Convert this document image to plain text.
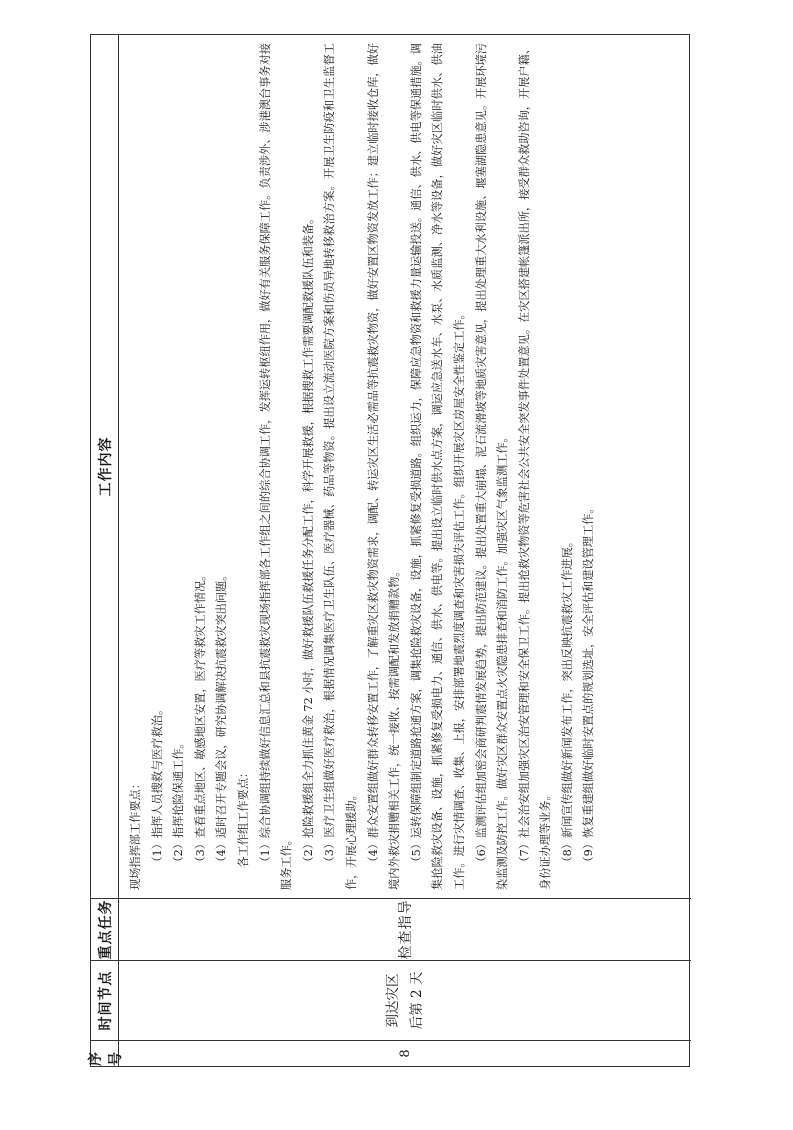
序号
时间节点
重点任务
工作内容
8
到达灾区 后第 2 天
检查指导

现场指挥部工作要点： （1）指挥人员搜救与医疗救治。 （2）指挥抢险保通工作。 （3）查看重点地区、敏感地区安置，医疗等救灾工作情况。 （4）适时召开专题会议，研究协调解决抗震救灾突出问题。 各工作组工作要点： （1）综合协调组持续做好信息汇总和县抗震救灾现场指挥部各工作组之间的综合协调工作，发挥运转枢纽作用，做好有关服务保障工作。负责涉外、涉港澳台事务对接服务工作。 （2）抢险救援组全力抓住黄金 72 小时，做好救援队伍救援任务分配工作，科学开展救援，根据搜救工作需要调配救援队伍和装备。 （3）医疗卫生组做好医疗救治，根据情况调集医疗卫生队伍、医疗器械、药品等物资。提出设立流动医院方案和伤员异地转移救治方案。开展卫生防疫和卫生监督工作，开展心理援助。 （4）群众安置组做好群众转移安置工作，了解重灾区救灾物资需求，调配、转运灾区生活必需品等抗震救灾物资，做好安置区物资发放工作；建立临时接收仓库，做好境内外救灾捐赠相关工作，统一接收、按需调配和发放捐赠款物。 （5）运转保障组制定道路抢通方案，调集抢险救灾设备，设施，抓紧修复受损道路。组织运力，保障应急物资和救援力量运输投送。通信、供水、供电等保通措施。调集抢险救灾设备、设施，抓紧修复受损电力、通信、供水、供电等。提出设立临时供水点方案，调运应急送水车、水泵、水质监测、净水等设备，做好灾区临时供水、供油工作。进行灾情调查、收集、上报，安排部署地震烈度调查和灾害损失评估工作。组织开展灾区房屋安全性鉴定工作。 （6）监测评估组加密会商研判震情发展趋势，提出防范建议。提出处置重大崩塌、泥石流滑坡等地质灾害意见，提出处理重大水利设施、堰塞湖隐患意见。开展环境污染监测及防控工作。做好灾区群众安置点火灾隐患排查和消防工作。加强灾区气象监测工作。 （7）社会治安组加强灾区治安管理和安全保卫工作。提出抢救灾物资等危害社会公共安全突发事件处置意见。在灾区搭建帐篷派出所，接受群众救助咨询，开展户籍、身份证办理等业务。 （8）新闻宣传组做好新闻发布工作，突出反映抗震救灾工作进展。 （9）恢复重建组做好临时安置点的规划选址，安全评估和建设管理工作。
